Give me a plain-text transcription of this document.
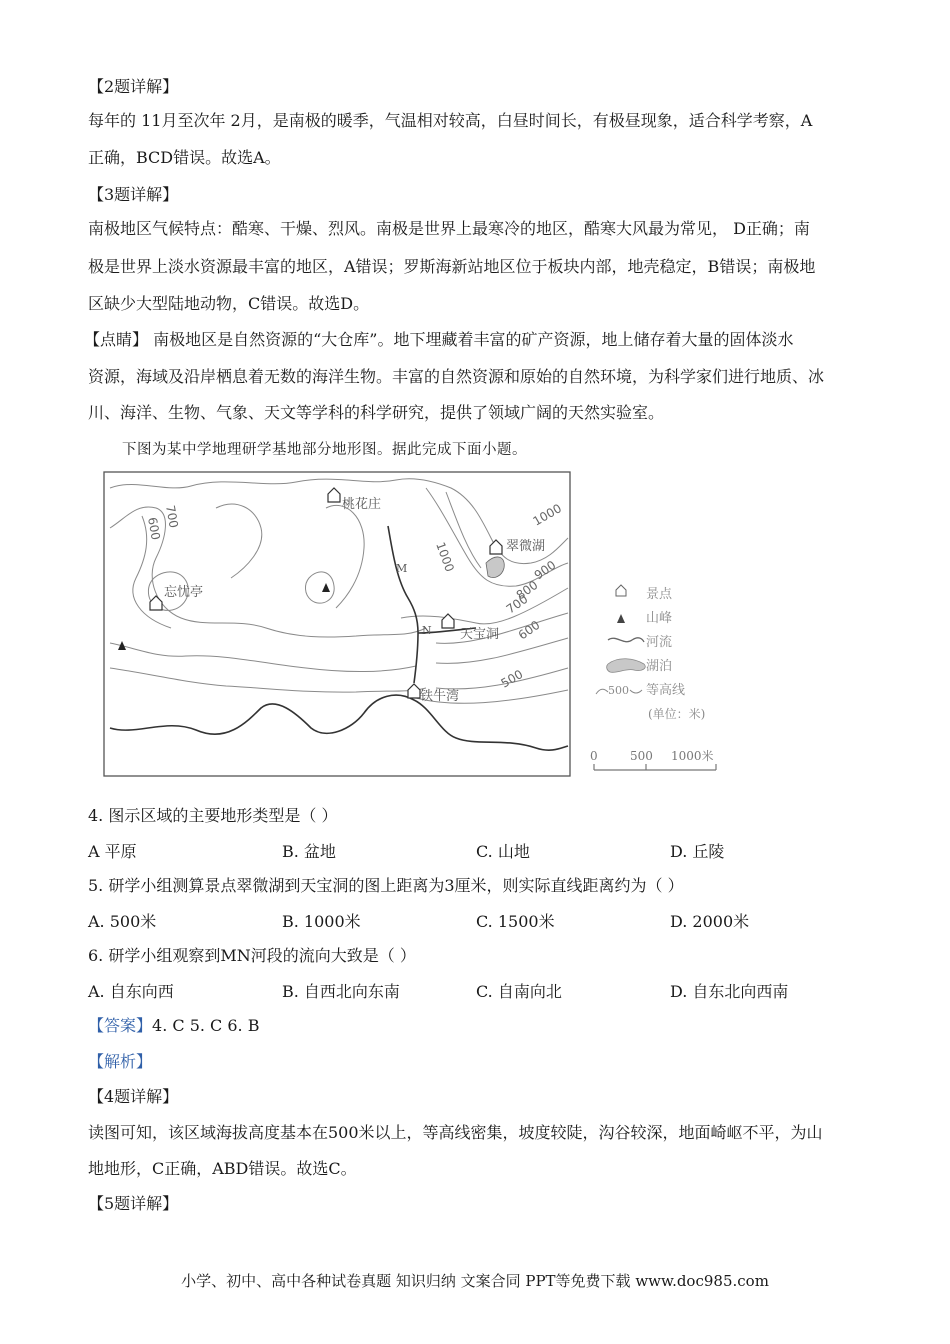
【2题详解】
每年的 11月至次年 2月，是南极的暖季，气温相对较高，白昼时间长，有极昼现象，适合科学考察，A
正确，BCD错误。故选A。
【3题详解】
南极地区气候特点：酷寒、干燥、烈风。南极是世界上最寒冷的地区，酷寒大风最为常见， D正确；南
极是世界上淡水资源最丰富的地区，A错误；罗斯海新站地区位于板块内部，地壳稳定，B错误；南极地
区缺少大型陆地动物，C错误。故选D。
【点睛】 南极地区是自然资源的“大仓库”。地下埋藏着丰富的矿产资源，地上储存着大量的固体淡水
资源，海域及沿岸栖息着无数的海洋生物。丰富的自然资源和原始的自然环境，为科学家们进行地质、冰
川、海洋、生物、气象、天文等学科的科学研究，提供了领域广阔的天然实验室。
下图为某中学地理研学基地部分地形图。据此完成下面小题。
桃花庄
翠微湖
忘忧亭
天宝洞
铁牛湾
M
N
600 700	1000
1000	900
800
700
600
500
景点
山峰
河流
湖泊
500 等高线
(单位：米)
0	500 1000米
4. 图示区域的主要地形类型是（ ）
A 平原	B. 盆地	C. 山地	D. 丘陵
5. 研学小组测算景点翠微湖到天宝洞的图上距离为3厘米，则实际直线距离约为（ ）
A. 500米	B. 1000米	C. 1500米	D. 2000米
6. 研学小组观察到MN河段的流向大致是（ ）
A. 自东向西	B. 自西北向东南	C. 自南向北	D. 自东北向西南
【答案】4. C 5. C 6. B
【解析】
【4题详解】
读图可知，该区域海拔高度基本在500米以上，等高线密集，坡度较陡，沟谷较深，地面崎岖不平，为山
地地形，C正确，ABD错误。故选C。
【5题详解】
小学、初中、高中各种试卷真题 知识归纳 文案合同 PPT等免费下载 www.doc985.com
